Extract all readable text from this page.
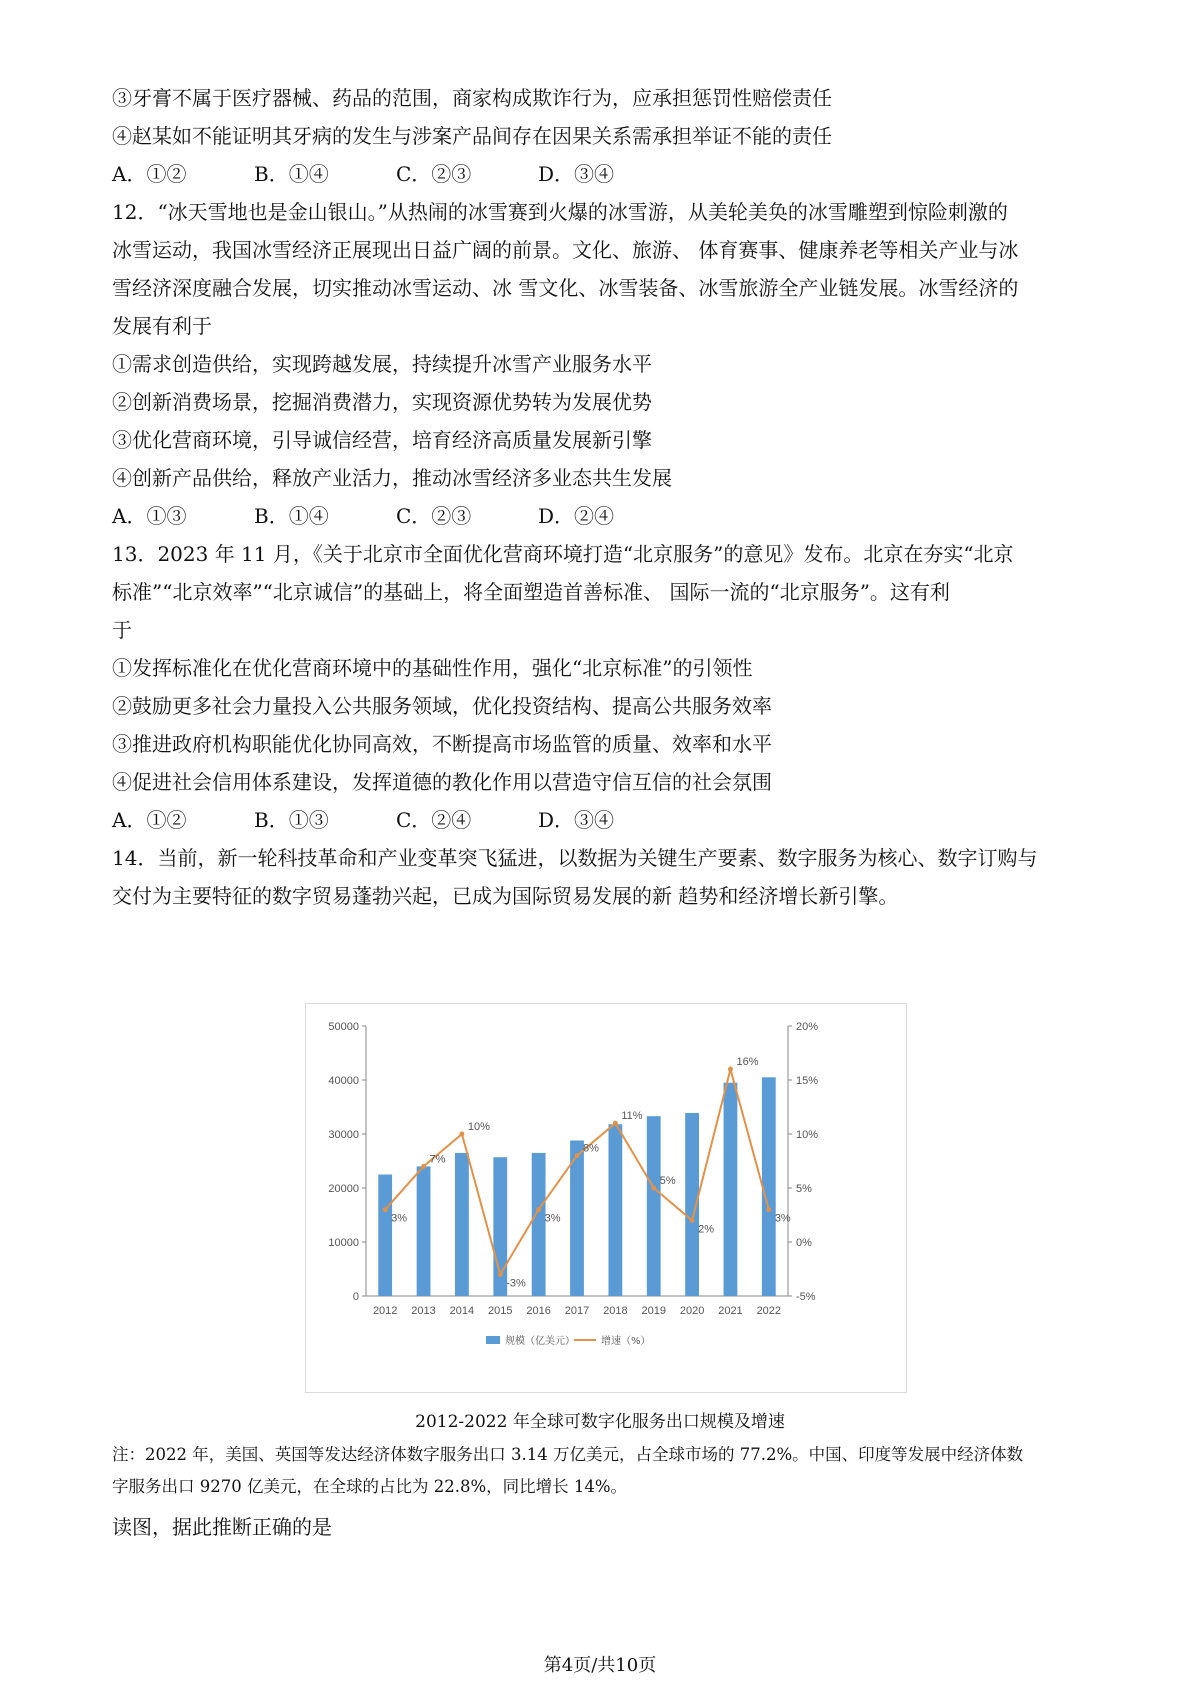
③牙膏不属于医疗器械、药品的范围，商家构成欺诈行为，应承担惩罚性赔偿责任
④赵某如不能证明其牙病的发生与涉案产品间存在因果关系需承担举证不能的责任
A．①②	B．①④	C．②③	D．③④
12．“冰天雪地也是金山银山。”从热闹的冰雪赛到火爆的冰雪游，从美轮美奂的冰雪雕塑到惊险刺激的
冰雪运动，我国冰雪经济正展现出日益广阔的前景。文化、旅游、 体育赛事、健康养老等相关产业与冰
雪经济深度融合发展，切实推动冰雪运动、冰 雪文化、冰雪装备、冰雪旅游全产业链发展。冰雪经济的
发展有利于
①需求创造供给，实现跨越发展，持续提升冰雪产业服务水平
②创新消费场景，挖掘消费潜力，实现资源优势转为发展优势
③优化营商环境，引导诚信经营，培育经济高质量发展新引擎
④创新产品供给，释放产业活力，推动冰雪经济多业态共生发展
A．①③	B．①④	C．②③	D．②④
13．2023 年 11 月，《关于北京市全面优化营商环境打造“北京服务”的意见》发布。北京在夯实“北京
标准”“北京效率”“北京诚信”的基础上，将全面塑造首善标准、 国际一流的“北京服务”。这有利
于
①发挥标准化在优化营商环境中的基础性作用，强化“北京标准”的引领性
②鼓励更多社会力量投入公共服务领域，优化投资结构、提高公共服务效率
③推进政府机构职能优化协同高效，不断提高市场监管的质量、效率和水平
④促进社会信用体系建设，发挥道德的教化作用以营造守信互信的社会氛围
A．①②	B．①③	C．②④	D．③④
14．当前，新一轮科技革命和产业变革突飞猛进，以数据为关键生产要素、数字服务为核心、数字订购与
交付为主要特征的数字贸易蓬勃兴起，已成为国际贸易发展的新 趋势和经济增长新引擎。
0
10000
20000
30000
40000
50000
-5%
0%
5%
10%
15%
20%
2012 2013 2014 2015 2016 2017 2018 2019 2020 2021 2022
3%
7%
10%
-3%
3%
8%
11%
5%
2%
16%
3%
规模（亿美元）	增速（%）
2012-2022 年全球可数字化服务出口规模及增速
注：2022 年，美国、英国等发达经济体数字服务出口 3.14 万亿美元，占全球市场的 77.2%。中国、印度等发展中经济体数
字服务出口 9270 亿美元，在全球的占比为 22.8%，同比增长 14%。
读图，据此推断正确的是
第4页/共10页
